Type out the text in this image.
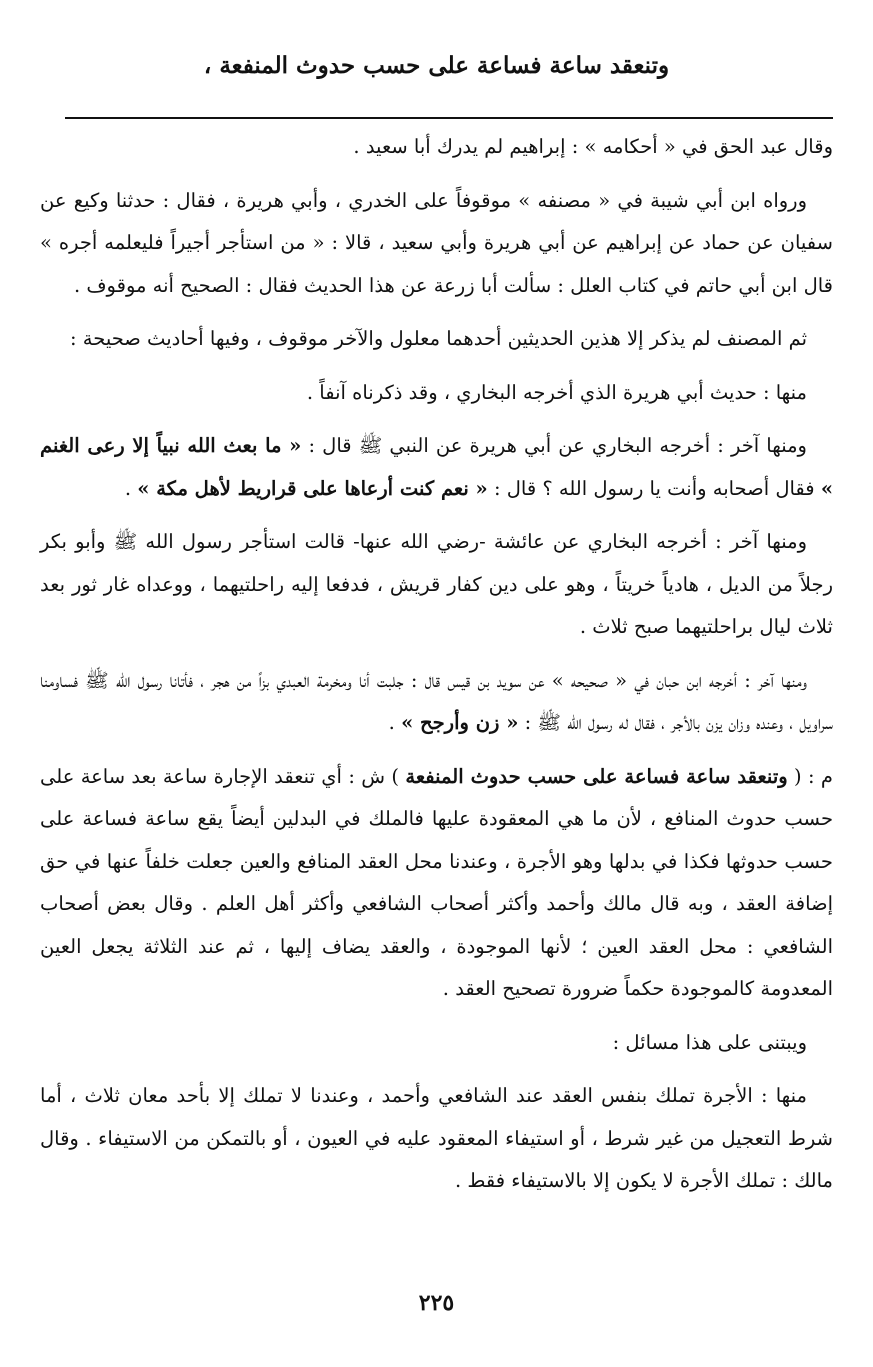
وتنعقد ساعة فساعة على حسب حدوث المنفعة ،

وقال عبد الحق في « أحكامه » : إبراهيم لم يدرك أبا سعيد .

ورواه ابن أبي شيبة في « مصنفه » موقوفاً على الخدري ، وأبي هريرة ، فقال : حدثنا وكيع عن سفيان عن حماد عن إبراهيم عن أبي هريرة وأبي سعيد ، قالا : « من استأجر أجيراً فليعلمه أجره » قال ابن أبي حاتم في كتاب العلل : سألت أبا زرعة عن هذا الحديث فقال : الصحيح أنه موقوف .

ثم المصنف لم يذكر إلا هذين الحديثين أحدهما معلول والآخر موقوف ، وفيها أحاديث صحيحة :

منها : حديث أبي هريرة الذي أخرجه البخاري ، وقد ذكرناه آنفاً .

ومنها آخر : أخرجه البخاري عن أبي هريرة عن النبي ﷺ قال : « ما بعث الله نبياً إلا رعى الغنم » فقال أصحابه وأنت يا رسول الله ؟ قال : « نعم كنت أرعاها على قراريط لأهل مكة » .

ومنها آخر : أخرجه البخاري عن عائشة -رضي الله عنها- قالت استأجر رسول الله ﷺ وأبو بكر رجلاً من الديل ، هادياً خريتاً ، وهو على دين كفار قريش ، فدفعا إليه راحلتيهما ، ووعداه غار ثور بعد ثلاث ليال براحلتيهما صبح ثلاث .

ومنها آخر : أخرجه ابن حبان في « صحيحه » عن سويد بن قيس قال : جلبت أنا ومخرمة العبدي بزاً من هجر ، فأتانا رسول الله ﷺ فساومنا سراويل ، وعنده وزان يزن بالأجر ، فقال له رسول الله ﷺ : « زن وأرجح » .

م : ( وتنعقد ساعة فساعة على حسب حدوث المنفعة ) ش : أي تنعقد الإجارة ساعة بعد ساعة على حسب حدوث المنافع ، لأن ما هي المعقودة عليها فالملك في البدلين أيضاً يقع ساعة فساعة على حسب حدوثها فكذا في بدلها وهو الأجرة ، وعندنا محل العقد المنافع والعين جعلت خلفاً عنها في حق إضافة العقد ، وبه قال مالك وأحمد وأكثر أصحاب الشافعي وأكثر أهل العلم . وقال بعض أصحاب الشافعي : محل العقد العين ؛ لأنها الموجودة ، والعقد يضاف إليها ، ثم عند الثلاثة يجعل العين المعدومة كالموجودة حكماً ضرورة تصحيح العقد .

ويبتنى على هذا مسائل :

منها : الأجرة تملك بنفس العقد عند الشافعي وأحمد ، وعندنا لا تملك إلا بأحد معان ثلاث ، أما شرط التعجيل من غير شرط ، أو استيفاء المعقود عليه في العيون ، أو بالتمكن من الاستيفاء . وقال مالك : تملك الأجرة لا يكون إلا بالاستيفاء فقط .

٢٢٥
